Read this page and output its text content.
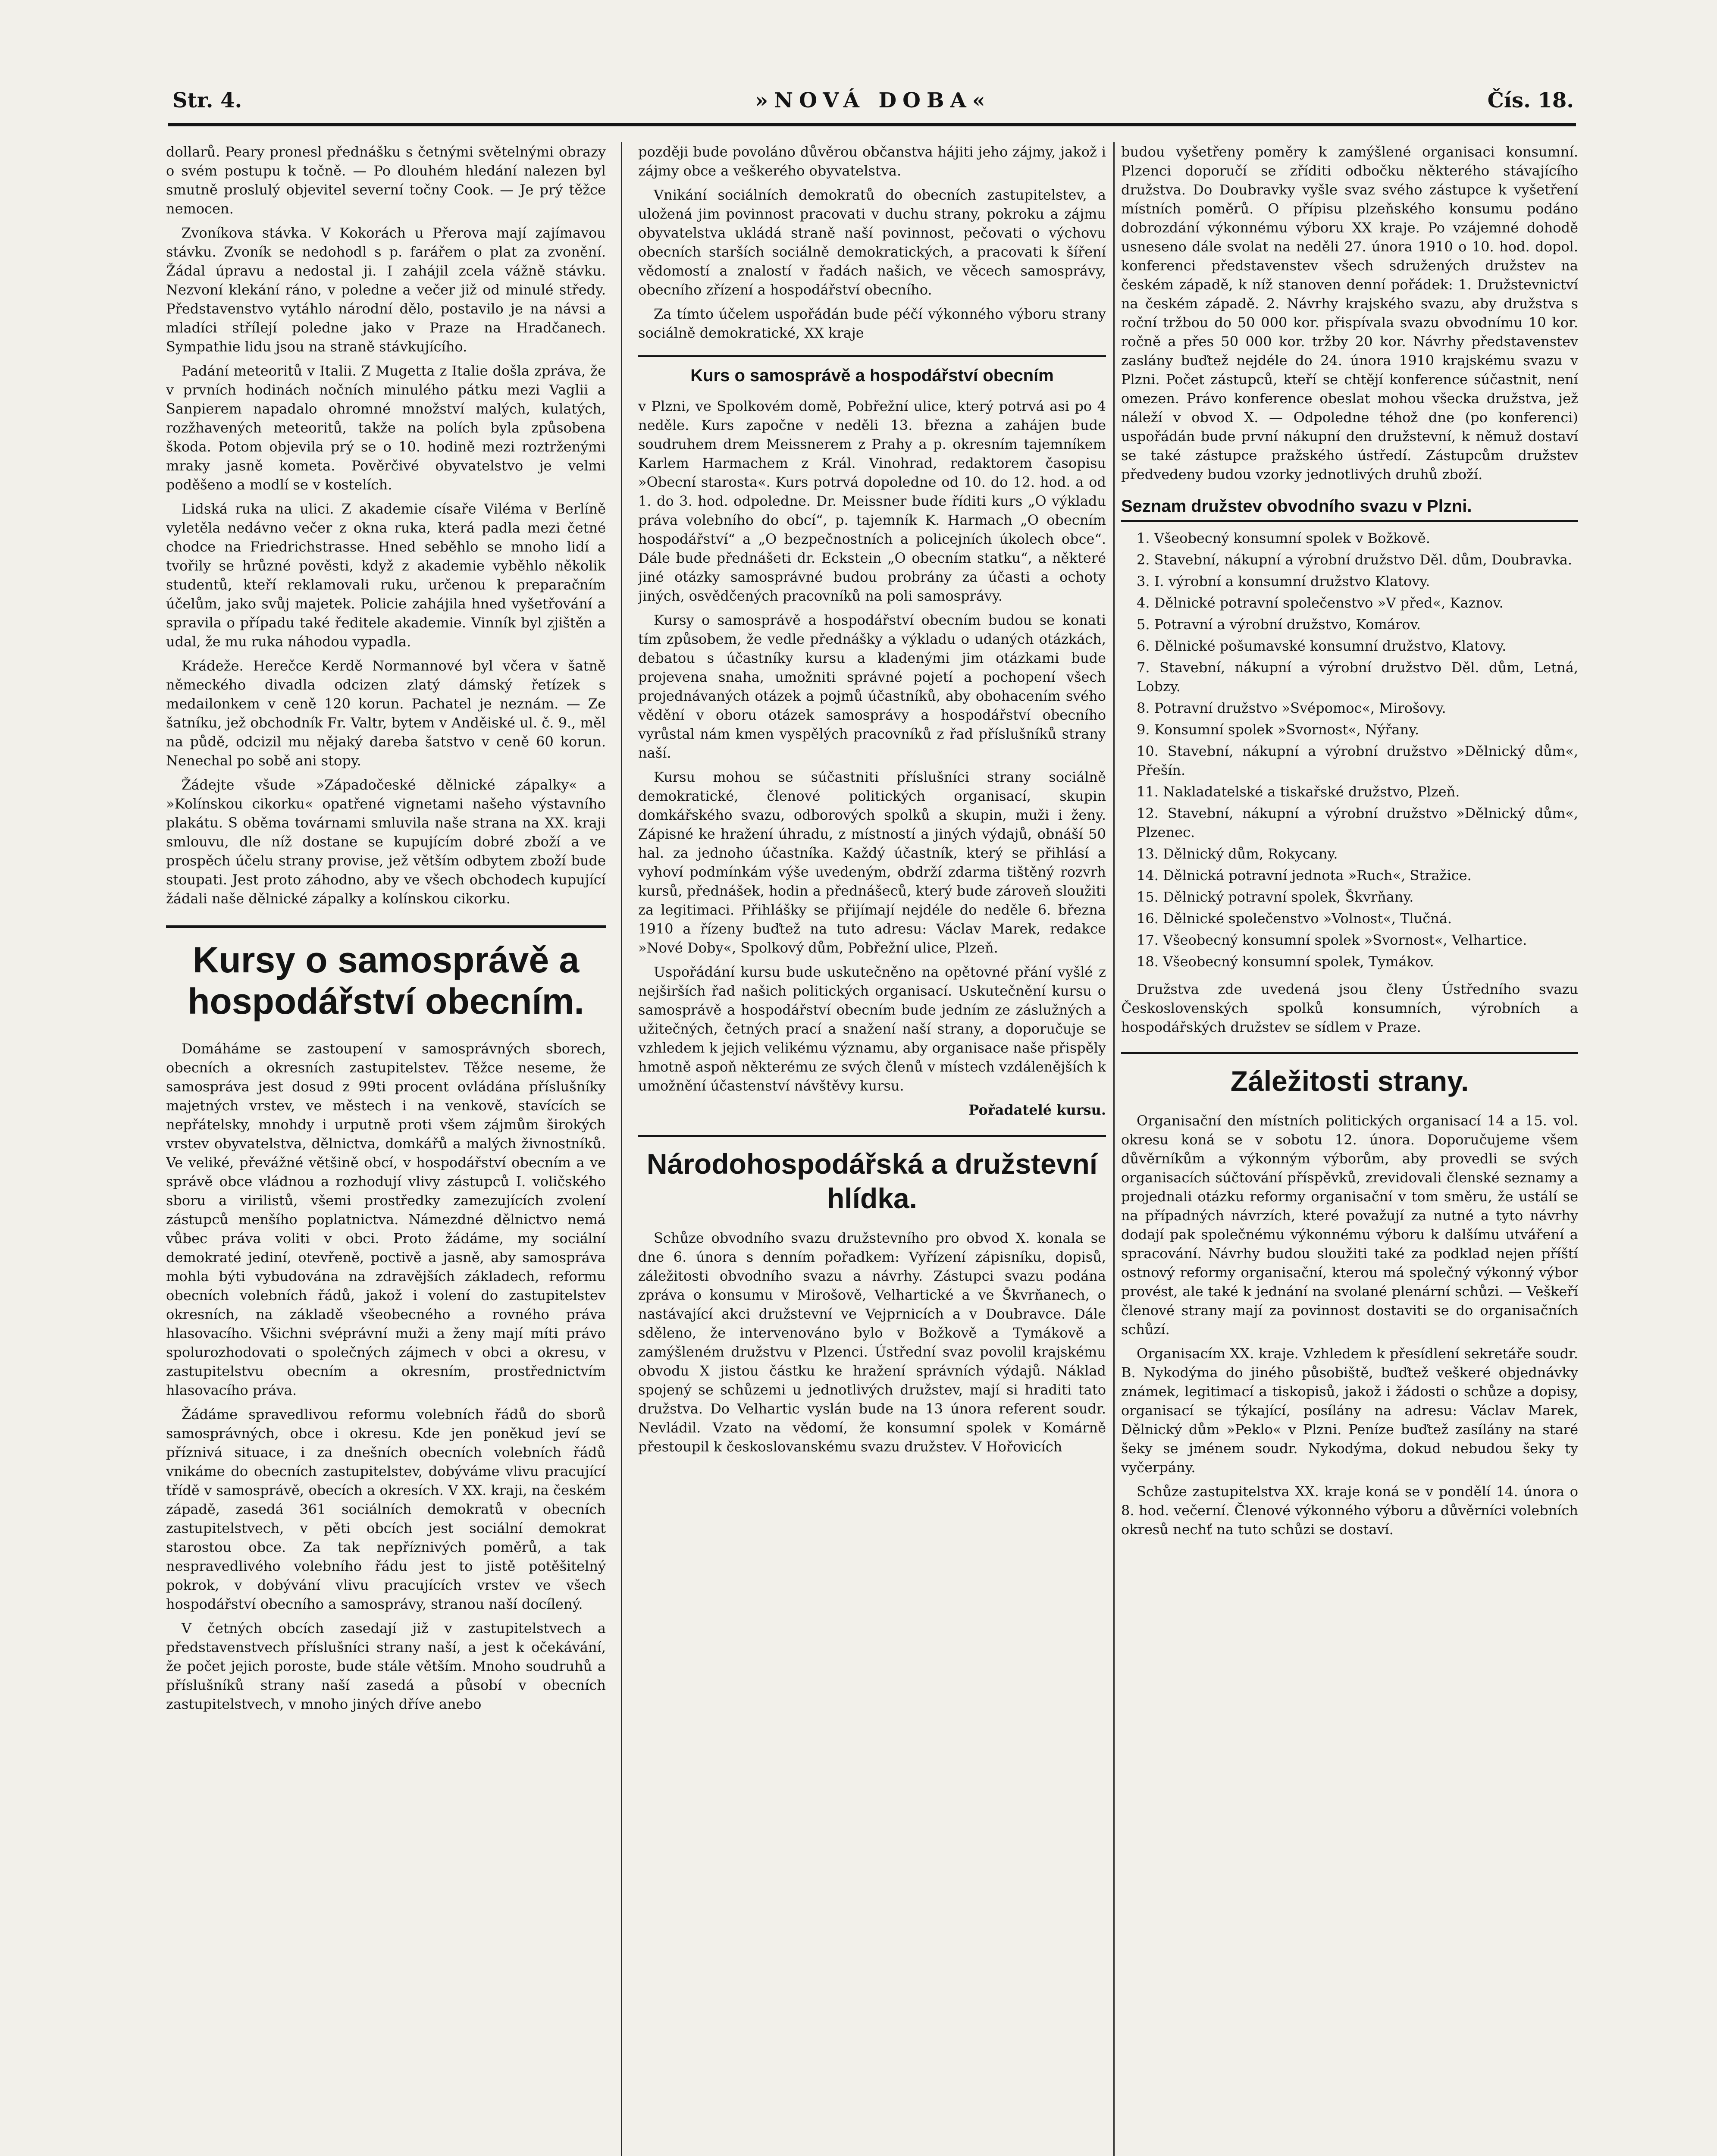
Str. 4.	»NOVÁ DOBA«	Čís. 18.

dollarů. Peary pronesl přednášku s četnými světelnými obrazy o svém postupu k točně. — Po dlouhém hledání nalezen byl smutně proslulý objevitel severní točny Cook. — Je prý těžce nemocen.

Zvoníkova stávka. V Kokorách u Přerova mají zajímavou stávku. Zvoník se nedohodl s p. farářem o plat za zvonění. Žádal úpravu a nedostal ji. I zahájil zcela vážně stávku. Nezvoní klekání ráno, v poledne a večer již od minulé středy. Představenstvo vytáhlo národní dělo, postavilo je na návsi a mladíci střílejí poledne jako v Praze na Hradčanech. Sympathie lidu jsou na straně stávkujícího.

Padání meteoritů v Italii. Z Mugetta z Italie došla zpráva, že v prvních hodinách nočních minulého pátku mezi Vaglii a Sanpierem napadalo ohromné množství malých, kulatých, rozžhavených meteoritů, takže na polích byla způsobena škoda. Potom objevila prý se o 10. hodině mezi roztrženými mraky jasně kometa. Pověrčivé obyvatelstvo je velmi poděšeno a modlí se v kostelích.

Lidská ruka na ulici. Z akademie císaře Viléma v Berlíně vyletěla nedávno večer z okna ruka, která padla mezi četné chodce na Friedrichstrasse. Hned seběhlo se mnoho lidí a tvořily se hrůzné pověsti, když z akademie vyběhlo několik studentů, kteří reklamovali ruku, určenou k preparačním účelům, jako svůj majetek. Policie zahájila hned vyšetřování a spravila o případu také ředitele akademie. Vinník byl zjištěn a udal, že mu ruka náhodou vypadla.

Krádeže. Herečce Kerdě Normannové byl včera v šatně německého divadla odcizen zlatý dámský řetízek s medailonkem v ceně 120 korun. Pachatel je neznám. — Ze šatníku, jež obchodník Fr. Valtr, bytem v Anděiské ul. č. 9., měl na půdě, odcizil mu nějaký dareba šatstvo v ceně 60 korun. Nenechal po sobě ani stopy.

Žádejte všude »Západočeské dělnické zápalky« a »Kolínskou cikorku« opatřené vignetami našeho výstavního plakátu. S oběma továrnami smluvila naše strana na XX. kraji smlouvu, dle níž dostane se kupujícím dobré zboží a ve prospěch účelu strany provise, jež větším odbytem zboží bude stoupati. Jest proto záhodno, aby ve všech obchodech kupující žádali naše dělnické zápalky a kolínskou cikorku.

Kursy o samosprávě a hospodářství obecním.

Domáháme se zastoupení v samosprávných sborech, obecních a okresních zastupitelstev. Těžce neseme, že samospráva jest dosud z 99ti procent ovládána příslušníky majetných vrstev, ve městech i na venkově, stavících se nepřátelsky, mnohdy i urputně proti všem zájmům širokých vrstev obyvatelstva, dělnictva, domkářů a malých živnostníků. Ve veliké, převážné většině obcí, v hospodářství obecním a ve správě obce vládnou a rozhodují vlivy zástupců I. voličského sboru a virilistů, všemi prostředky zamezujících zvolení zástupců menšího poplatnictva. Námezdné dělnictvo nemá vůbec práva voliti v obci. Proto žádáme, my sociální demokraté jediní, otevřeně, poctivě a jasně, aby samospráva mohla býti vybudována na zdravějších základech, reformu obecních volebních řádů, jakož i volení do zastupitelstev okresních, na základě všeobecného a rovného práva hlasovacího. Všichni svéprávní muži a ženy mají míti právo spolurozhodovati o společných zájmech v obci a okresu, v zastupitelstvu obecním a okresním, prostřednictvím hlasovacího práva.

Žádáme spravedlivou reformu volebních řádů do sborů samosprávných, obce i okresu. Kde jen poněkud jeví se příznivá situace, i za dnešních obecních volebních řádů vnikáme do obecních zastupitelstev, dobýváme vlivu pracující třídě v samosprávě, obecích a okresích. V XX. kraji, na českém západě, zasedá 361 sociálních demokratů v obecních zastupitelstvech, v pěti obcích jest sociální demokrat starostou obce. Za tak nepříznivých poměrů, a tak nespravedlivého volebního řádu jest to jistě potěšitelný pokrok, v dobývání vlivu pracujících vrstev ve všech hospodářství obecního a samosprávy, stranou naší docílený.

V četných obcích zasedají již v zastupitelstvech a představenstvech příslušníci strany naší, a jest k očekávání, že počet jejich poroste, bude stále větším. Mnoho soudruhů a příslušníků strany naší zasedá a působí v obecních zastupitelstvech, v mnoho jiných dříve anebo

později bude povoláno důvěrou občanstva hájiti jeho zájmy, jakož i zájmy obce a veškerého obyvatelstva.

Vnikání sociálních demokratů do obecních zastupitelstev, a uložená jim povinnost pracovati v duchu strany, pokroku a zájmu obyvatelstva ukládá straně naší povinnost, pečovati o výchovu obecních starších sociálně demokratických, a pracovati k šíření vědomostí a znalostí v řadách našich, ve věcech samosprávy, obecního zřízení a hospodářství obecního.

Za tímto účelem uspořádán bude péčí výkonného výboru strany sociálně demokratické, XX kraje

Kurs o samosprávě a hospodářství obecním

v Plzni, ve Spolkovém domě, Pobřežní ulice, který potrvá asi po 4 neděle. Kurs započne v neděli 13. března a zahájen bude soudruhem drem Meissnerem z Prahy a p. okresním tajemníkem Karlem Harmachem z Král. Vinohrad, redaktorem časopisu »Obecní starosta«. Kurs potrvá dopoledne od 10. do 12. hod. a od 1. do 3. hod. odpoledne. Dr. Meissner bude říditi kurs „O výkladu práva volebního do obcí“, p. tajemník K. Harmach „O obecním hospodářství“ a „O bezpečnostních a policejních úkolech obce“. Dále bude přednášeti dr. Eckstein „O obecním statku“, a některé jiné otázky samosprávné budou probrány za účasti a ochoty jiných, osvědčených pracovníků na poli samosprávy.

Kursy o samosprávě a hospodářství obecním budou se konati tím způsobem, že vedle přednášky a výkladu o udaných otázkách, debatou s účastníky kursu a kladenými jim otázkami bude projevena snaha, umožniti správné pojetí a pochopení všech projednávaných otázek a pojmů účastníků, aby obohacením svého vědění v oboru otázek samosprávy a hospodářství obecního vyrůstal nám kmen vyspělých pracovníků z řad příslušníků strany naší.

Kursu mohou se súčastniti příslušníci strany sociálně demokratické, členové politických organisací, skupin domkářského svazu, odborových spolků a skupin, muži i ženy. Zápisné ke hražení úhradu, z místností a jiných výdajů, obnáší 50 hal. za jednoho účastníka. Každý účastník, který se přihlásí a vyhoví podmínkám výše uvedeným, obdrží zdarma tištěný rozvrh kursů, přednášek, hodin a přednášeců, který bude zároveň sloužiti za legitimaci. Přihlášky se přijímají nejdéle do neděle 6. března 1910 a řízeny buďtež na tuto adresu: Václav Marek, redakce »Nové Doby«, Spolkový dům, Pobřežní ulice, Plzeň.

Uspořádání kursu bude uskutečněno na opětovné přání vyšlé z nejširších řad našich politických organisací. Uskutečnění kursu o samosprávě a hospodářství obecním bude jedním ze záslužných a užitečných, četných prací a snažení naší strany, a doporučuje se vzhledem k jejich velikému významu, aby organisace naše přispěly hmotně aspoň některému ze svých členů v místech vzdálenějších k umožnění účastenství návštěvy kursu.

Pořadatelé kursu.
Národohospodářská a družstevní hlídka.

Schůze obvodního svazu družstevního pro obvod X. konala se dne 6. února s denním pořadkem: Vyřízení zápisníku, dopisů, záležitosti obvodního svazu a návrhy. Zástupci svazu podána zpráva o konsumu v Mirošově, Velhartické a ve Škvrňanech, o nastávající akci družstevní ve Vejprnicích a v Doubravce. Dále sděleno, že intervenováno bylo v Božkově a Tymákově a zamýšleném družstvu v Plzenci. Ústřední svaz povolil krajskému obvodu X jistou částku ke hražení správních výdajů. Náklad spojený se schůzemi u jednotlivých družstev, mají si hraditi tato družstva. Do Velhartic vyslán bude na 13 února referent soudr. Nevládil. Vzato na vědomí, že konsumní spolek v Komárně přestoupil k českoslovanskému svazu družstev. V Hořovicích

budou vyšetřeny poměry k zamýšlené organisaci konsumní. Plzenci doporučí se zříditi odbočku některého stávajícího družstva. Do Doubravky vyšle svaz svého zástupce k vyšetření místních poměrů. O přípisu plzeňského konsumu podáno dobrozdání výkonnému výboru XX kraje. Po vzájemné dohodě usneseno dále svolat na neděli 27. února 1910 o 10. hod. dopol. konferenci představenstev všech sdružených družstev na českém západě, k níž stanoven denní pořádek: 1. Družstevnictví na českém západě. 2. Návrhy krajského svazu, aby družstva s roční tržbou do 50 000 kor. přispívala svazu obvodnímu 10 kor. ročně a přes 50 000 kor. tržby 20 kor. Návrhy představenstev zaslány buďtež nejdéle do 24. února 1910 krajskému svazu v Plzni. Počet zástupců, kteří se chtějí konference súčastnit, není omezen. Právo konference obeslat mohou všecka družstva, jež náleží v obvod X. — Odpoledne téhož dne (po konferenci) uspořádán bude první nákupní den družstevní, k němuž dostaví se také zástupce pražského ústředí. Zástupcům družstev předvedeny budou vzorky jednotlivých druhů zboží.

Seznam družstev obvodního svazu v Plzni.
1. Všeobecný konsumní spolek v Božkově.
2. Stavební, nákupní a výrobní družstvo Děl. dům, Doubravka.
3. I. výrobní a konsumní družstvo Klatovy.
4. Dělnické potravní společenstvo »V před«, Kaznov.
5. Potravní a výrobní družstvo, Komárov.
6. Dělnické pošumavské konsumní družstvo, Klatovy.
7. Stavební, nákupní a výrobní družstvo Děl. dům, Letná, Lobzy.
8. Potravní družstvo »Svépomoc«, Mirošovy.
9. Konsumní spolek »Svornost«, Nýřany.
10. Stavební, nákupní a výrobní družstvo »Dělnický dům«, Přešín.
11. Nakladatelské a tiskařské družstvo, Plzeň.
12. Stavební, nákupní a výrobní družstvo »Dělnický dům«, Plzenec.
13. Dělnický dům, Rokycany.
14. Dělnická potravní jednota »Ruch«, Stražice.
15. Dělnický potravní spolek, Škvrňany.
16. Dělnické společenstvo »Volnost«, Tlučná.
17. Všeobecný konsumní spolek »Svornost«, Velhartice.
18. Všeobecný konsumní spolek, Tymákov.

Družstva zde uvedená jsou členy Ústředního svazu Československých spolků konsumních, výrobních a hospodářských družstev se sídlem v Praze.

Záležitosti strany.

Organisační den místních politických organisací 14 a 15. vol. okresu koná se v sobotu 12. února. Doporučujeme všem důvěrníkům a výkonným výborům, aby provedli se svých organisacích súčtování příspěvků, zrevidovali členské seznamy a projednali otázku reformy organisační v tom směru, že ustálí se na případných návrzích, které považují za nutné a tyto návrhy dodají pak společnému výkonnému výboru k dalšímu utváření a spracování. Návrhy budou sloužiti také za podklad nejen příští ostnový reformy organisační, kterou má společný výkonný výbor provést, ale také k jednání na svolané plenární schůzi. — Veškeří členové strany mají za povinnost dostaviti se do organisačních schůzí.

Organisacím XX. kraje. Vzhledem k přesídlení sekretáře soudr. B. Nykodýma do jiného působiště, buďtež veškeré objednávky známek, legitimací a tiskopisů, jakož i žádosti o schůze a dopisy, organisací se týkající, posílány na adresu: Václav Marek, Dělnický dům »Peklo« v Plzni. Peníze buďtež zasílány na staré šeky se jménem soudr. Nykodýma, dokud nebudou šeky ty vyčerpány.

Schůze zastupitelstva XX. kraje koná se v pondělí 14. února o 8. hod. večerní. Členové výkonného výboru a důvěrníci volebních okresů nechť na tuto schůzi se dostaví.
